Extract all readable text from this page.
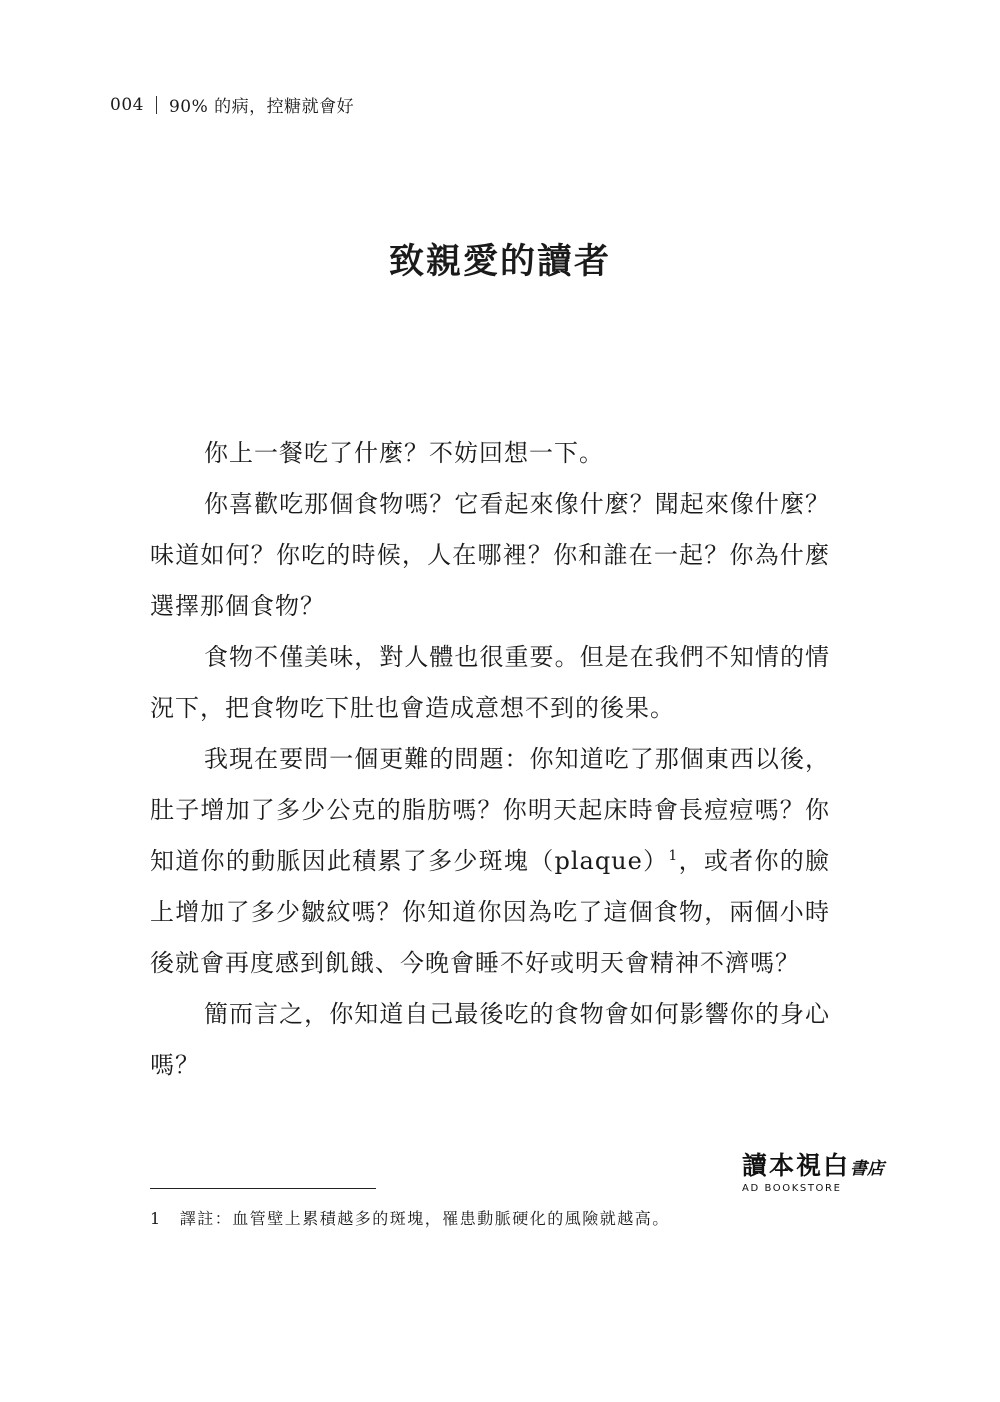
004 90% 的病，控糖就會好
致親愛的讀者

你上一餐吃了什麼？不妨回想一下。

你喜歡吃那個食物嗎？它看起來像什麼？聞起來像什麼？味道如何？你吃的時候，人在哪裡？你和誰在一起？你為什麼選擇那個食物？

食物不僅美味，對人體也很重要。但是在我們不知情的情況下，把食物吃下肚也會造成意想不到的後果。

我現在要問一個更難的問題：你知道吃了那個東西以後，肚子增加了多少公克的脂肪嗎？你明天起床時會長痘痘嗎？你知道你的動脈因此積累了多少斑塊（plaque）$^1$，或者你的臉上增加了多少皺紋嗎？你知道你因為吃了這個食物，兩個小時後就會再度感到飢餓、今晚會睡不好或明天會精神不濟嗎？

簡而言之，你知道自己最後吃的食物會如何影響你的身心嗎？

讀本視白書店
AD BOOKSTORE
1 譯註：血管壁上累積越多的斑塊，罹患動脈硬化的風險就越高。
